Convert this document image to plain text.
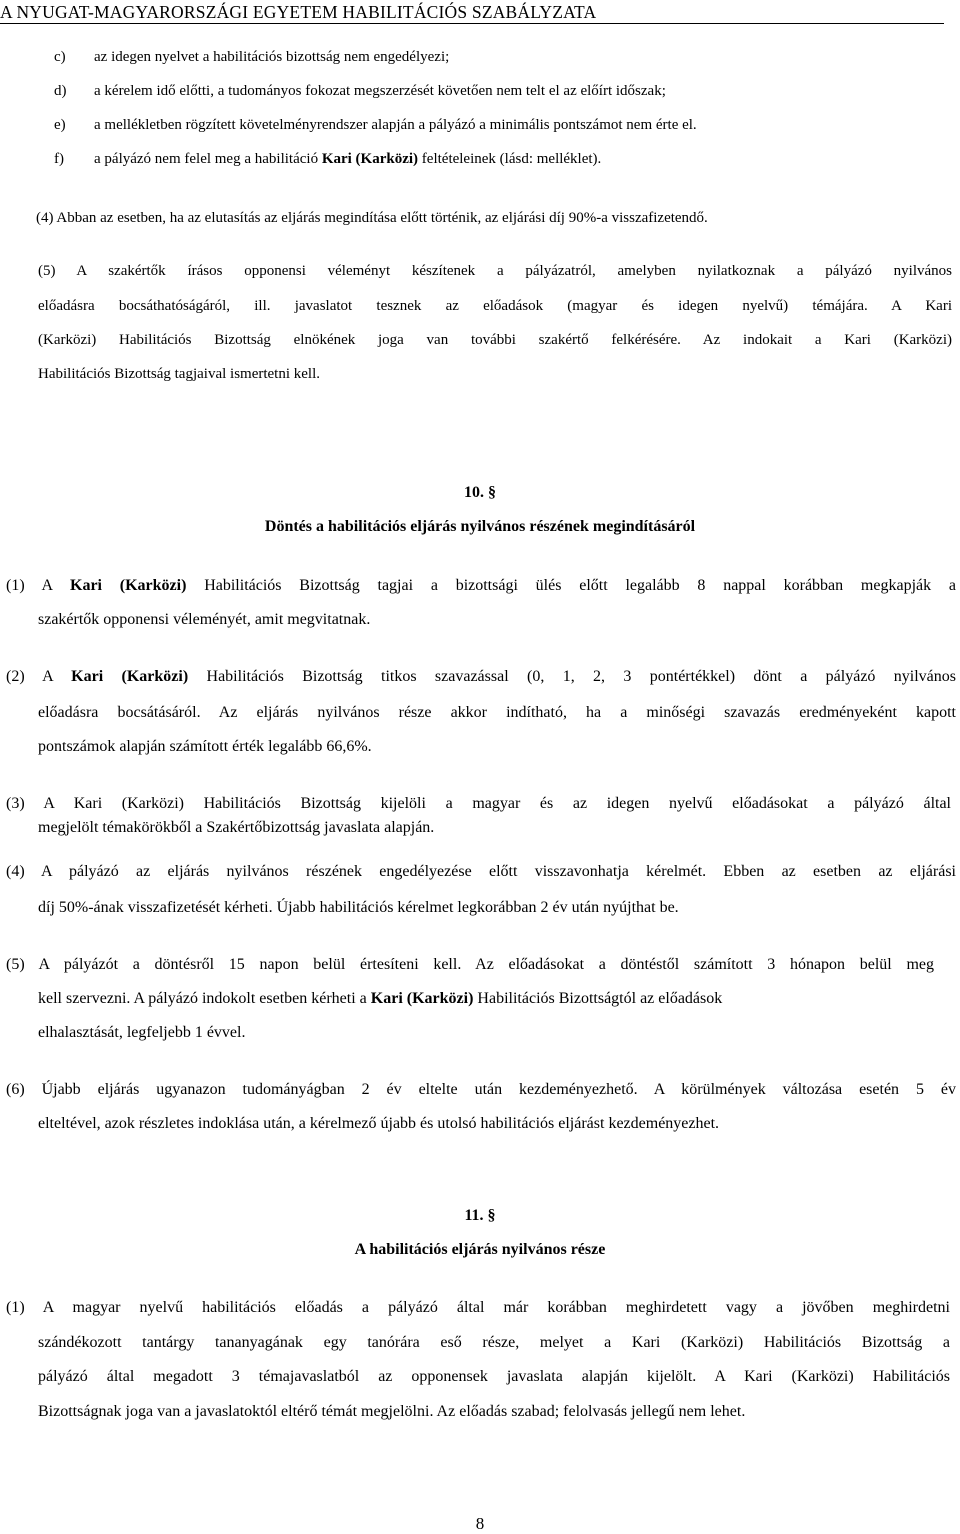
A NYUGAT-MAGYARORSZÁGI EGYETEM HABILITÁCIÓS SZABÁLYZATA
c) az idegen nyelvet a habilitációs bizottság nem engedélyezi;
d) a kérelem idő előtti, a tudományos fokozat megszerzését követően nem telt el az előírt időszak;
e) a mellékletben rögzített követelményrendszer alapján a pályázó a minimális pontszámot nem érte el.
f) a pályázó nem felel meg a habilitáció Kari (Karközi) feltételeinek (lásd: melléklet).
(4) Abban az esetben, ha az elutasítás az eljárás megindítása előtt történik, az eljárási díj 90%-a visszafizetendő.
(5) A szakértők írásos opponensi véleményt készítenek a pályázatról, amelyben nyilatkoznak a pályázó nyilvános
előadásra bocsáthatóságáról, ill. javaslatot tesznek az előadások (magyar és idegen nyelvű) témájára. A Kari
(Karközi) Habilitációs Bizottság elnökének joga van további szakértő felkérésére. Az indokait a Kari (Karközi)
Habilitációs Bizottság tagjaival ismertetni kell.
10. §
Döntés a habilitációs eljárás nyilvános részének megindításáról
(1) A Kari (Karközi) Habilitációs Bizottság tagjai a bizottsági ülés előtt legalább 8 nappal korábban megkapják a
szakértők opponensi véleményét, amit megvitatnak.
(2) A Kari (Karközi) Habilitációs Bizottság titkos szavazással (0, 1, 2, 3 pontértékkel) dönt a pályázó nyilvános
előadásra bocsátásáról. Az eljárás nyilvános része akkor indítható, ha a minőségi szavazás eredményeként kapott
pontszámok alapján számított érték legalább 66,6%.
(3) A Kari (Karközi) Habilitációs Bizottság kijelöli a magyar és az idegen nyelvű előadásokat a pályázó által
megjelölt témakörökből a Szakértőbizottság javaslata alapján.
(4) A pályázó az eljárás nyilvános részének engedélyezése előtt visszavonhatja kérelmét. Ebben az esetben az eljárási
díj 50%-ának visszafizetését kérheti. Újabb habilitációs kérelmet legkorábban 2 év után nyújthat be.
(5) A pályázót a döntésről 15 napon belül értesíteni kell. Az előadásokat a döntéstől számított 3 hónapon belül meg
kell szervezni. A pályázó indokolt esetben kérheti a Kari (Karközi) Habilitációs Bizottságtól az előadások
elhalasztását, legfeljebb 1 évvel.
(6) Újabb eljárás ugyanazon tudományágban 2 év eltelte után kezdeményezhető. A körülmények változása esetén 5 év
elteltével, azok részletes indoklása után, a kérelmező újabb és utolsó habilitációs eljárást kezdeményezhet.
11. §
A habilitációs eljárás nyilvános része
(1) A magyar nyelvű habilitációs előadás a pályázó által már korábban meghirdetett vagy a jövőben meghirdetni
szándékozott tantárgy tananyagának egy tanórára eső része, melyet a Kari (Karközi) Habilitációs Bizottság a
pályázó által megadott 3 témajavaslatból az opponensek javaslata alapján kijelölt. A Kari (Karközi) Habilitációs
Bizottságnak joga van a javaslatoktól eltérő témát megjelölni. Az előadás szabad; felolvasás jellegű nem lehet.
8
